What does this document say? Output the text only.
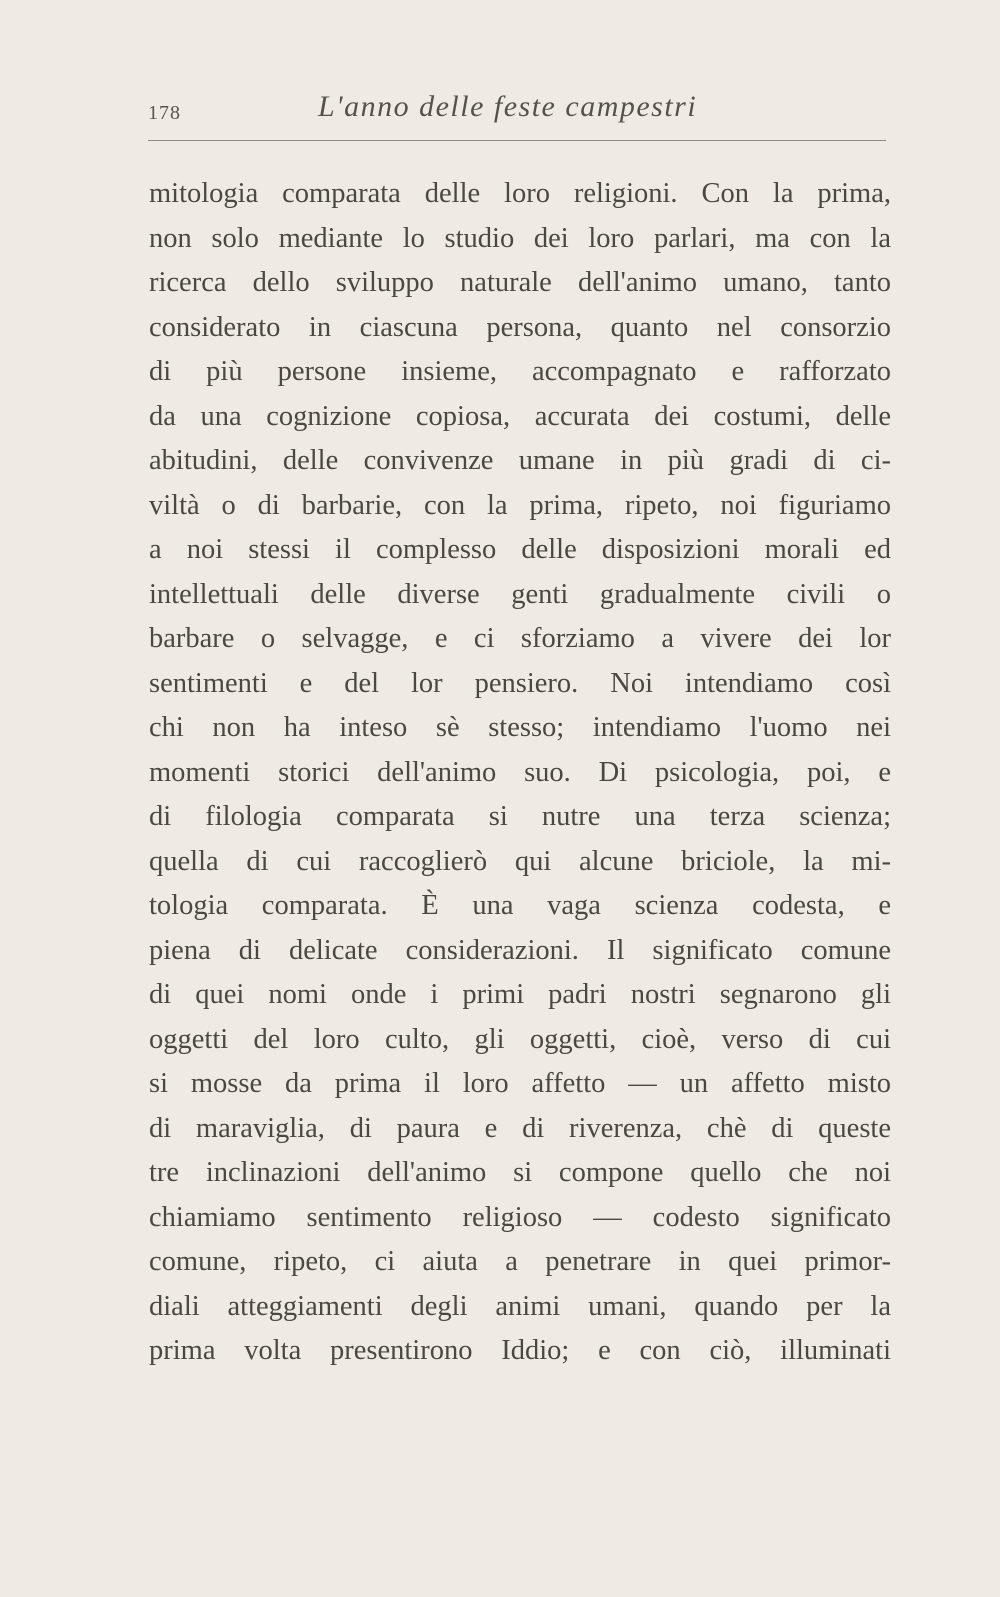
178	L'anno delle feste campestri
mitologia comparata delle loro religioni. Con la prima,
non solo mediante lo studio dei loro parlari, ma con la
ricerca dello sviluppo naturale dell'animo umano, tanto
considerato in ciascuna persona, quanto nel consorzio
di più persone insieme, accompagnato e rafforzato
da una cognizione copiosa, accurata dei costumi, delle
abitudini, delle convivenze umane in più gradi di ci-
viltà o di barbarie, con la prima, ripeto, noi figuriamo
a noi stessi il complesso delle disposizioni morali ed
intellettuali delle diverse genti gradualmente civili o
barbare o selvagge, e ci sforziamo a vivere dei lor
sentimenti e del lor pensiero. Noi intendiamo così
chi non ha inteso sè stesso; intendiamo l'uomo nei
momenti storici dell'animo suo. Di psicologia, poi, e
di filologia comparata si nutre una terza scienza;
quella di cui raccoglierò qui alcune briciole, la mi-
tologia comparata. È una vaga scienza codesta, e
piena di delicate considerazioni. Il significato comune
di quei nomi onde i primi padri nostri segnarono gli
oggetti del loro culto, gli oggetti, cioè, verso di cui
si mosse da prima il loro affetto — un affetto misto
di maraviglia, di paura e di riverenza, chè di queste
tre inclinazioni dell'animo si compone quello che noi
chiamiamo sentimento religioso — codesto significato
comune, ripeto, ci aiuta a penetrare in quei primor-
diali atteggiamenti degli animi umani, quando per la
prima volta presentirono Iddio; e con ciò, illuminati
